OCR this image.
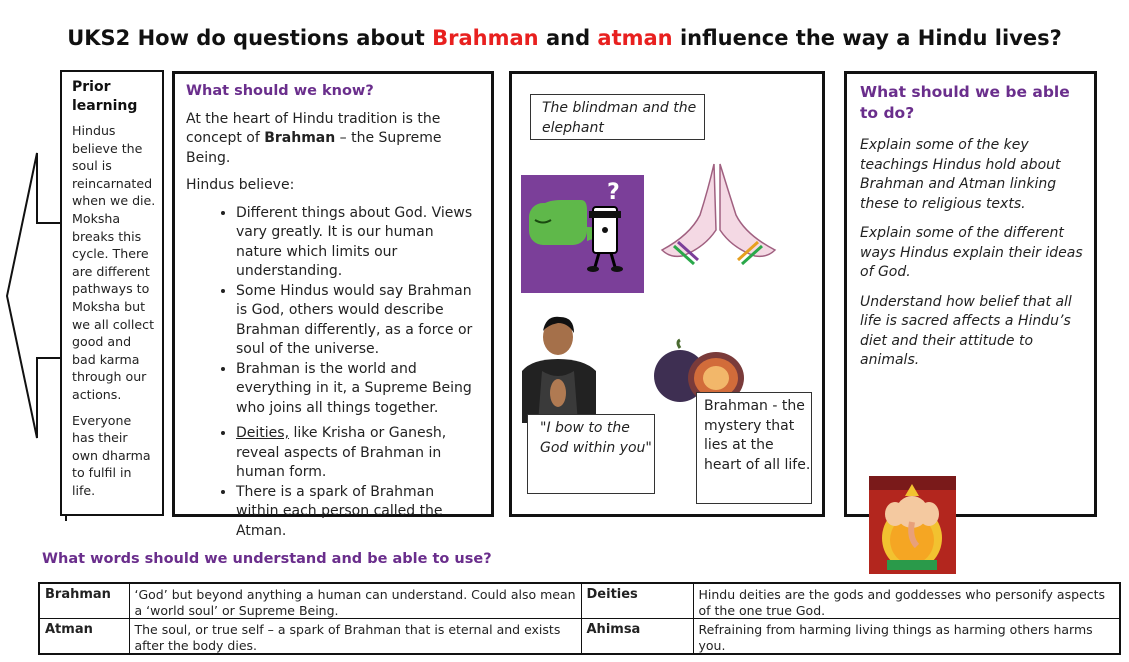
UKS2 How do questions about Brahman and atman influence the way a Hindu lives?
Prior learning

Hindus believe the soul is reincarnated when we die. Moksha breaks this cycle. There are different pathways to Moksha but we all collect good and bad karma through our actions.

Everyone has their own dharma to fulfil in life.

What should we know?

At the heart of Hindu tradition is the concept of Brahman – the Supreme Being.

Hindus believe:

• Different things about God. Views vary greatly. It is our human nature which limits our understanding.
• Some Hindus would say Brahman is God, others would describe Brahman differently, as a force or soul of the universe.
• Brahman is the world and everything in it, a Supreme Being who joins all things together.
• Deities, like Krisha or Ganesh, reveal aspects of Brahman in human form.
• There is a spark of Brahman within each person called the Atman.
The blindman and the elephant
?
"I bow to the God within you"
Brahman - the mystery that lies at the heart of all life.
What should we be able to do?

Explain some of the key teachings Hindus hold about Brahman and Atman linking these to religious texts.

Explain some of the different ways Hindus explain their ideas of God.

Understand how belief that all life is sacred affects a Hindu’s diet and their attitude to animals.

What words should we understand and be able to use?
Brahman	‘God’ but beyond anything a human can understand. Could also mean a ‘world soul’ or Supreme Being.	Deities	Hindu deities are the gods and goddesses who personify aspects of the one true God.
Atman	The soul, or true self – a spark of Brahman that is eternal and exists after the body dies.	Ahimsa	Refraining from harming living things as harming others harms you.
